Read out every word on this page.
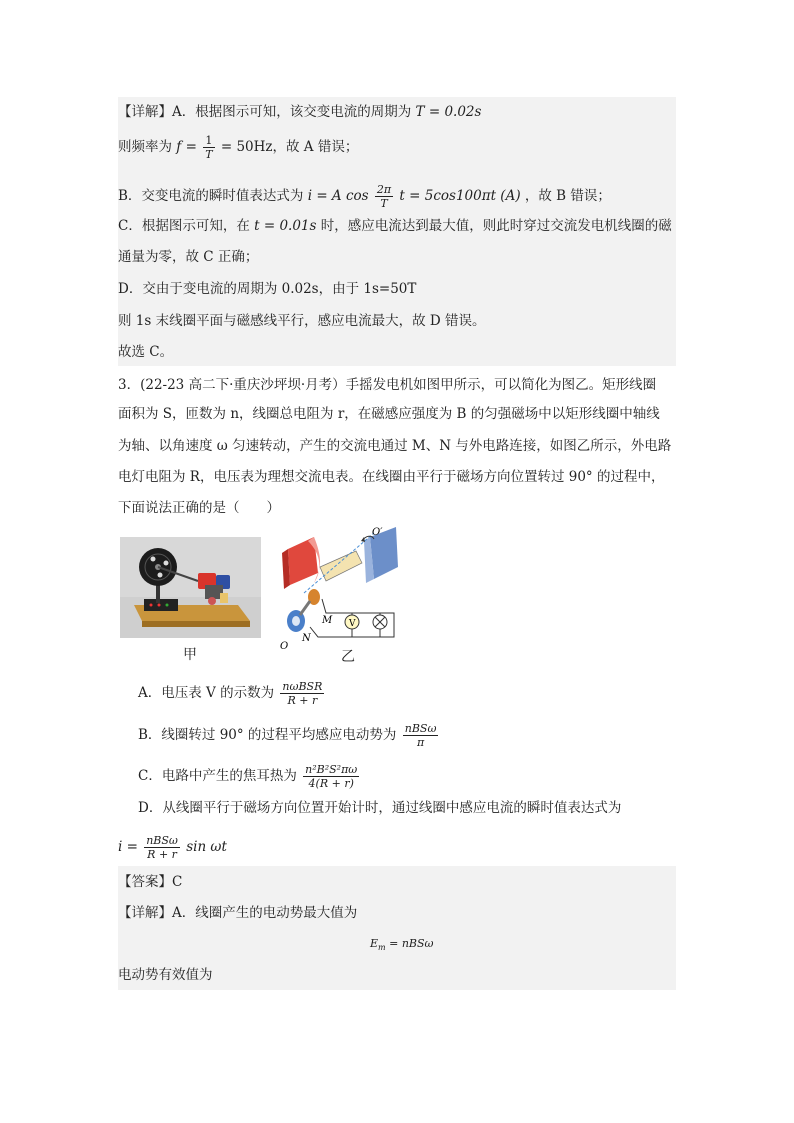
【详解】A．根据图示可知，该交变电流的周期为 T = 0.02s
则频率为 $f = \frac{1}{T} = 50Hz$，故 A 错误；
B．交变电流的瞬时值表达式为 i = A $\cos \frac{2\pi}{T}$ t = 5cos100πt (A) ，故 B 错误；
C．根据图示可知，在 t = 0.01s 时，感应电流达到最大值，则此时穿过交流发电机线圈的磁
通量为零，故 C 正确；
D．交由于变电流的周期为 0.02s，由于 1s=50T
则 1s 末线圈平面与磁感线平行，感应电流最大，故 D 错误。
故选 C。
3．(22-23 高二下·重庆沙坪坝·月考）手摇发电机如图甲所示，可以简化为图乙。矩形线圈
面积为 S，匝数为 n，线圈总电阻为 r，在磁感应强度为 B 的匀强磁场中以矩形线圈中轴线
为轴、以角速度 ω 匀速转动，产生的交流电通过 M、N 与外电路连接，如图乙所示，外电路
电灯电阻为 R，电压表为理想交流电表。在线圈由平行于磁场方向位置转过 90° 的过程中，
下面说法正确的是（　　）
甲
V
O′
M
N
O
乙
A．电压表 V 的示数为 $\frac{\text{nωBSR}}{R + r}$
B．线圈转过 90° 的过程平均感应电动势为 $\frac{\text{nBSω}}{\pi}$
C．电路中产生的焦耳热为 $\frac{\text{n²B²S²πω}}{4(R + r)}$
D．从线圈平行于磁场方向位置开始计时，通过线圈中感应电流的瞬时值表达式为
$i = \frac{\text{nBSω}}{R + r}$ sin ωt
【答案】C
【详解】A．线圈产生的电动势最大值为
$E_m = nBS\omega$
电动势有效值为
